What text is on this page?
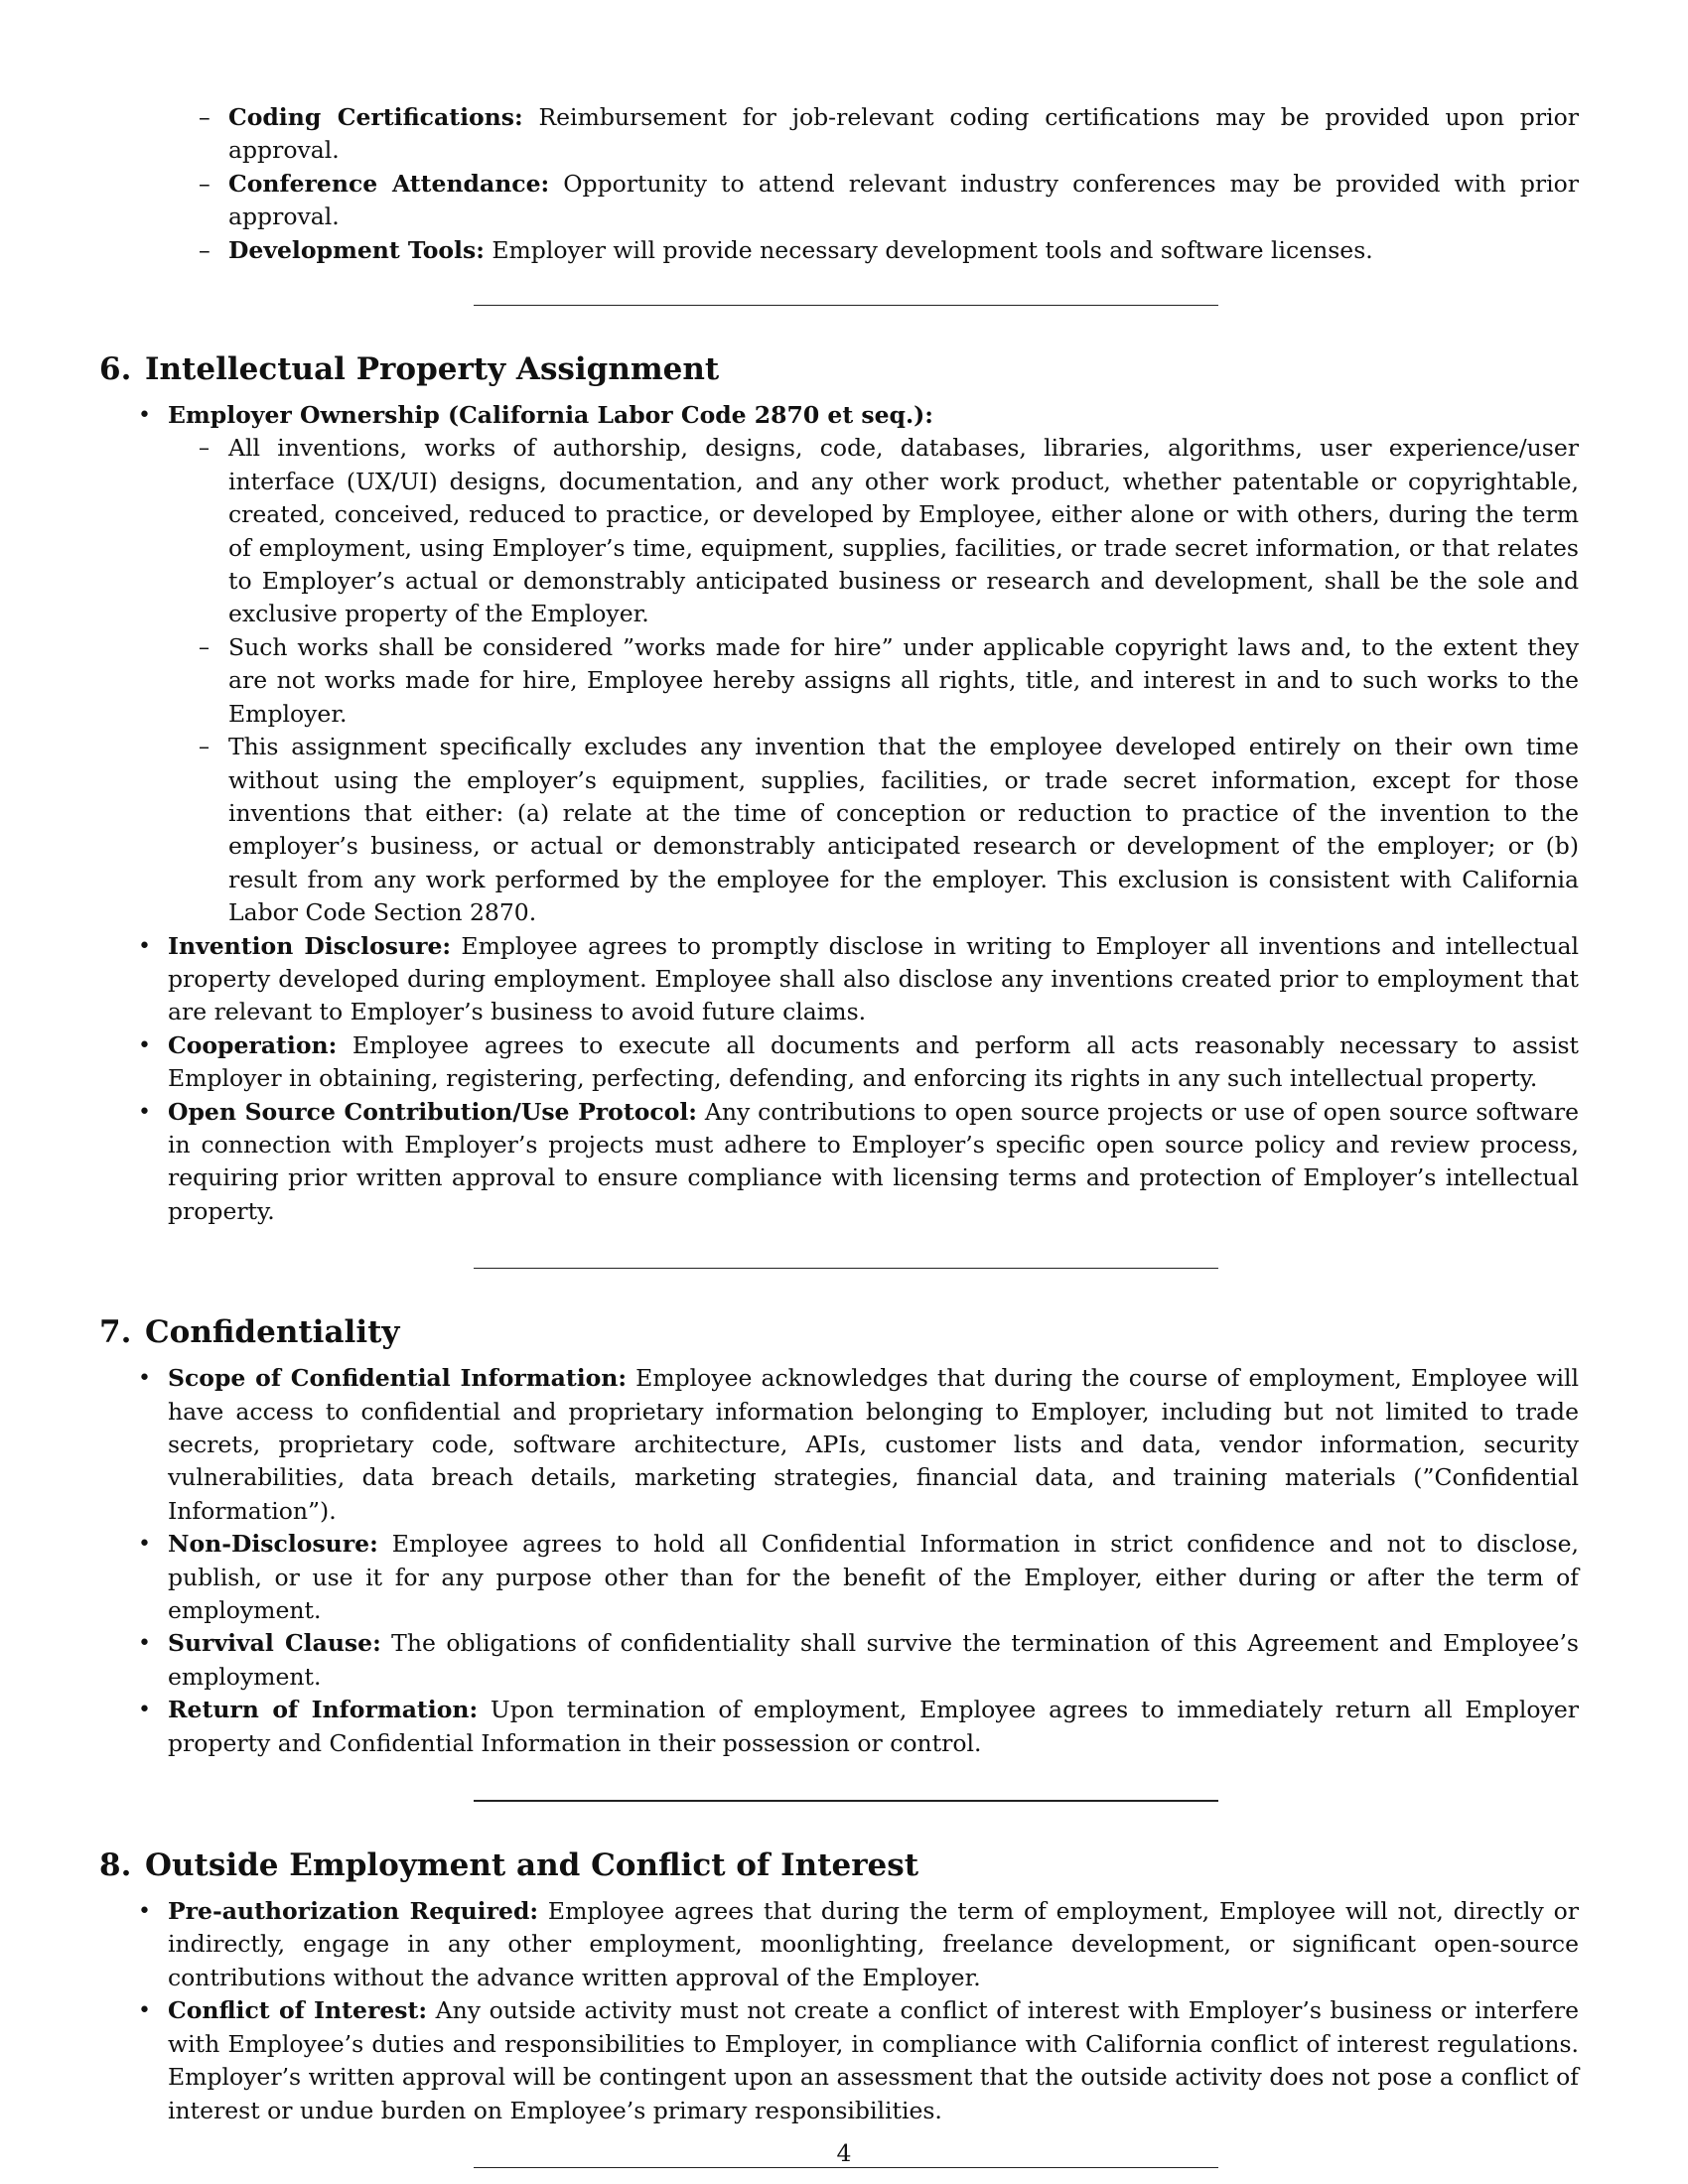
– Coding Certifications: Reimbursement for job-relevant coding certifications may be provided upon prior approval.
– Conference Attendance: Opportunity to attend relevant industry conferences may be provided with prior approval.
– Development Tools: Employer will provide necessary development tools and software licenses.
6. Intellectual Property Assignment
• Employer Ownership (California Labor Code 2870 et seq.):
– All inventions, works of authorship, designs, code, databases, libraries, algorithms, user experience/user interface (UX/UI) designs, documentation, and any other work product, whether patentable or copyrightable, created, conceived, reduced to practice, or developed by Employee, either alone or with others, during the term of employment, using Employer’s time, equipment, supplies, facilities, or trade secret information, or that relates to Employer’s actual or demonstrably anticipated business or research and development, shall be the sole and exclusive property of the Employer.
– Such works shall be considered ”works made for hire” under applicable copyright laws and, to the extent they are not works made for hire, Employee hereby assigns all rights, title, and interest in and to such works to the Employer.
– This assignment specifically excludes any invention that the employee developed entirely on their own time without using the employer’s equipment, supplies, facilities, or trade secret information, except for those inventions that either: (a) relate at the time of conception or reduction to practice of the invention to the employer’s business, or actual or demonstrably anticipated research or development of the employer; or (b) result from any work performed by the employee for the employer. This exclusion is consistent with California Labor Code Section 2870.
• Invention Disclosure: Employee agrees to promptly disclose in writing to Employer all inventions and intellectual property developed during employment. Employee shall also disclose any inventions created prior to employment that are relevant to Employer’s business to avoid future claims.
• Cooperation: Employee agrees to execute all documents and perform all acts reasonably necessary to assist Employer in obtaining, registering, perfecting, defending, and enforcing its rights in any such intellectual property.
• Open Source Contribution/Use Protocol: Any contributions to open source projects or use of open source software in connection with Employer’s projects must adhere to Employer’s specific open source policy and review process, requiring prior written approval to ensure compliance with licensing terms and protection of Employer’s intellectual property.
7. Confidentiality
• Scope of Confidential Information: Employee acknowledges that during the course of employment, Employee will have access to confidential and proprietary information belonging to Employer, including but not limited to trade secrets, proprietary code, software architecture, APIs, customer lists and data, vendor information, security vulnerabilities, data breach details, marketing strategies, financial data, and training materials (”Confidential Information”).
• Non-Disclosure: Employee agrees to hold all Confidential Information in strict confidence and not to disclose, publish, or use it for any purpose other than for the benefit of the Employer, either during or after the term of employment.
• Survival Clause: The obligations of confidentiality shall survive the termination of this Agreement and Employee’s employment.
• Return of Information: Upon termination of employment, Employee agrees to immediately return all Employer property and Confidential Information in their possession or control.
8. Outside Employment and Conflict of Interest
• Pre-authorization Required: Employee agrees that during the term of employment, Employee will not, directly or indirectly, engage in any other employment, moonlighting, freelance development, or significant open-source contributions without the advance written approval of the Employer.
• Conflict of Interest: Any outside activity must not create a conflict of interest with Employer’s business or interfere with Employee’s duties and responsibilities to Employer, in compliance with California conflict of interest regulations. Employer’s written approval will be contingent upon an assessment that the outside activity does not pose a conflict of interest or undue burden on Employee’s primary responsibilities.
4
